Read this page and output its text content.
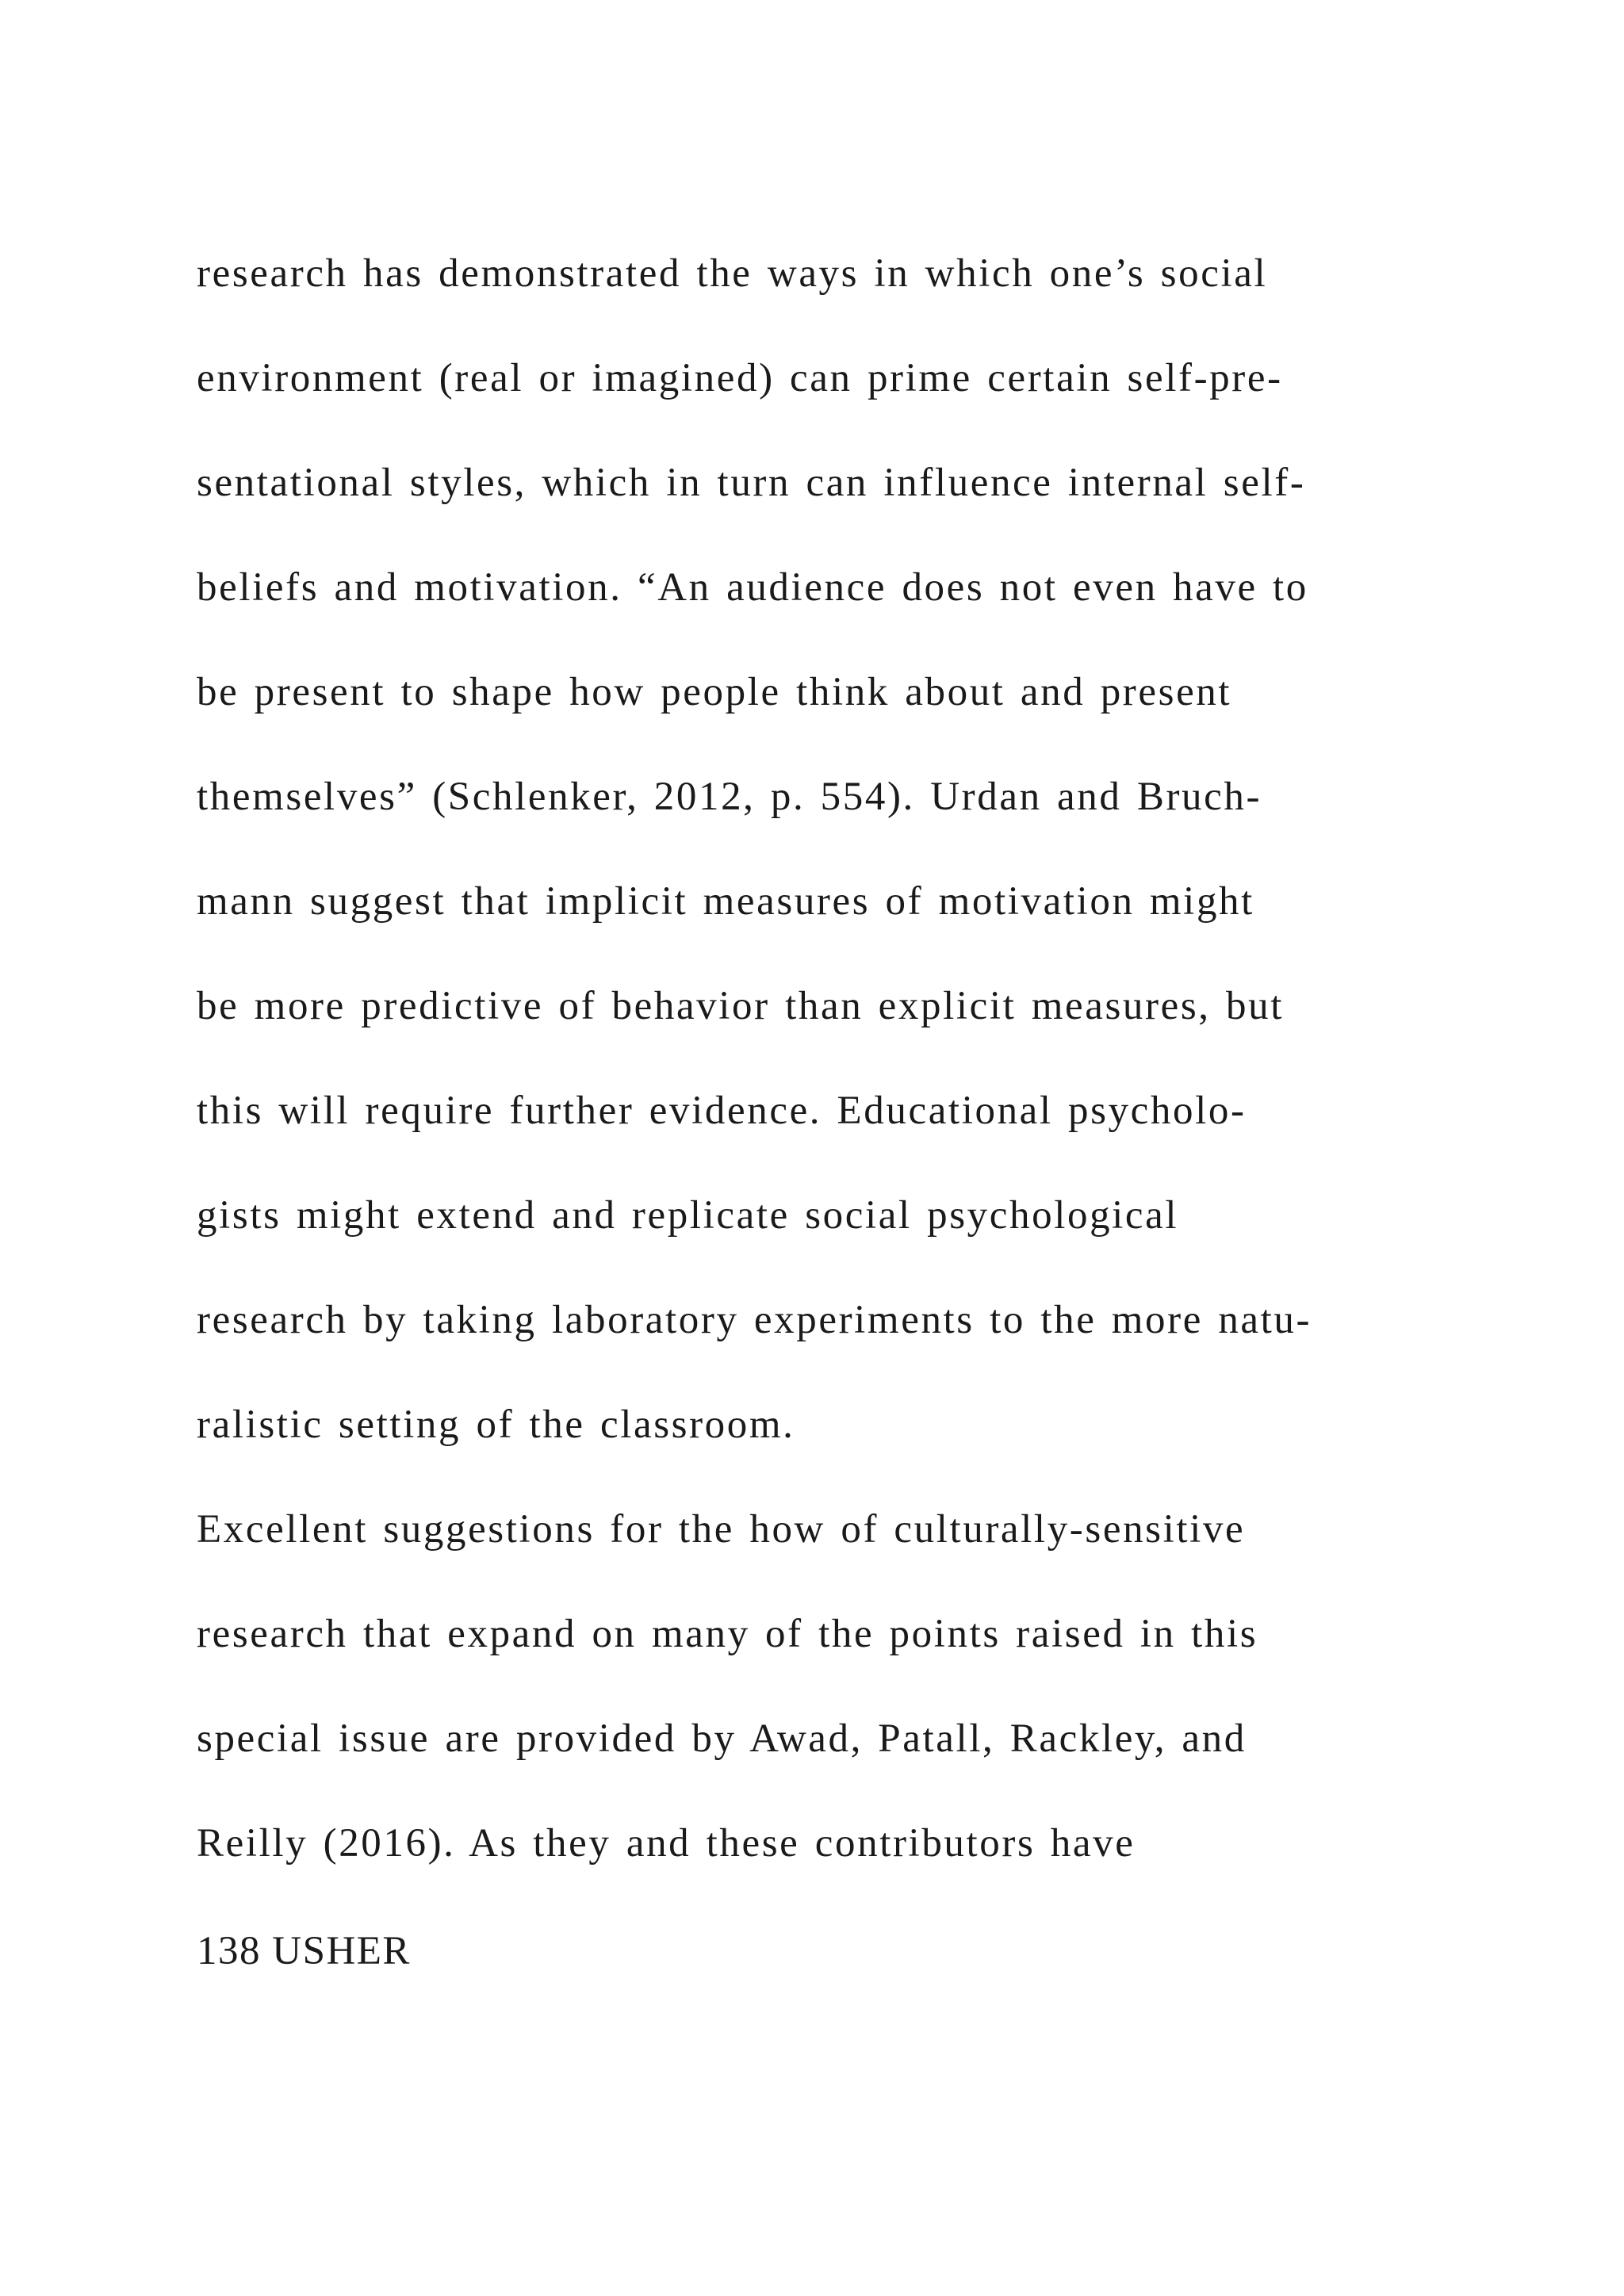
research has demonstrated the ways in which one’s social
environment (real or imagined) can prime certain self-pre-
sentational styles, which in turn can influence internal self-
beliefs and motivation. “An audience does not even have to
be present to shape how people think about and present
themselves” (Schlenker, 2012, p. 554). Urdan and Bruch-
mann suggest that implicit measures of motivation might
be more predictive of behavior than explicit measures, but
this will require further evidence. Educational psycholo-
gists might extend and replicate social psychological
research by taking laboratory experiments to the more natu-
ralistic setting of the classroom.
Excellent suggestions for the how of culturally-sensitive
research that expand on many of the points raised in this
special issue are provided by Awad, Patall, Rackley, and
Reilly (2016). As they and these contributors have
138 USHER
